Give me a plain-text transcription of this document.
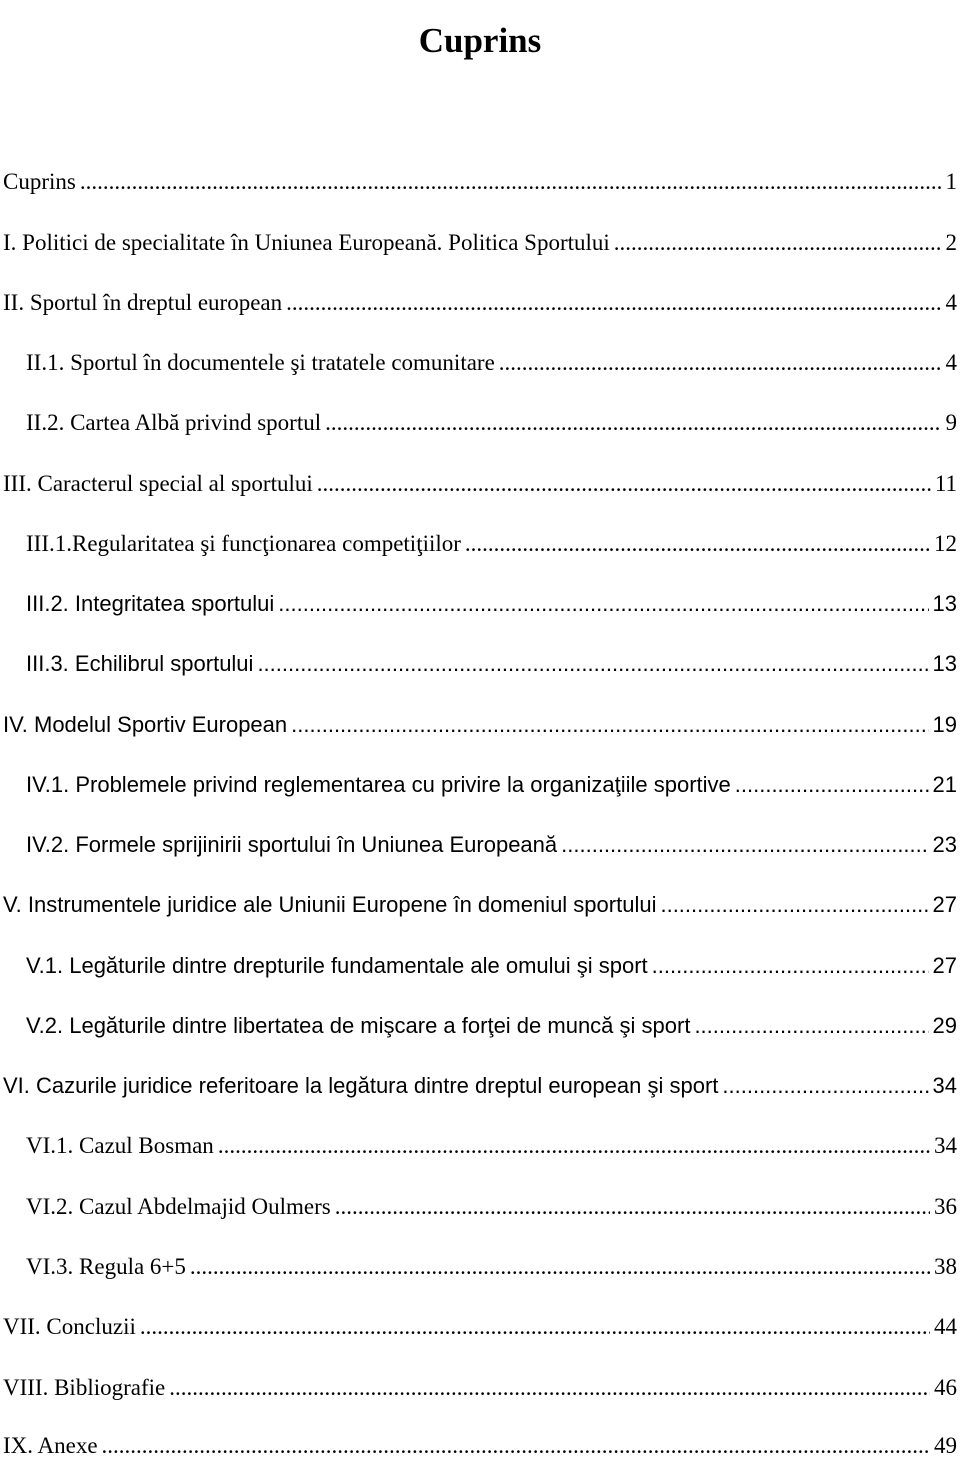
Cuprins
Cuprins .....	1
I. Politici de specialitate în Uniunea Europeană. Politica Sportului .....	2
II. Sportul în dreptul european .....	4
II.1. Sportul în documentele şi tratatele comunitare .....	4
II.2. Cartea Albă privind sportul .....	9
III. Caracterul special al sportului .....	11
III.1.Regularitatea şi funcţionarea competiţiilor .....	12
III.2. Integritatea sportului .....	13
III.3. Echilibrul sportului .....	13
IV. Modelul Sportiv European .....	19
IV.1. Problemele privind reglementarea cu privire la organizaţiile sportive .....	21
IV.2. Formele sprijinirii sportului în Uniunea Europeană .....	23
V. Instrumentele juridice ale Uniunii Europene în domeniul sportului .....	27
V.1. Legăturile dintre drepturile fundamentale ale omului şi sport .....	27
V.2. Legăturile dintre libertatea de mişcare a forţei de muncă şi sport .....	29
VI. Cazurile juridice referitoare la legătura dintre dreptul european şi sport .....	34
VI.1. Cazul Bosman .....	34
VI.2. Cazul Abdelmajid Oulmers .....	36
VI.3. Regula 6+5 .....	38
VII. Concluzii .....	44
VIII. Bibliografie .....	46
IX. Anexe .....	49
